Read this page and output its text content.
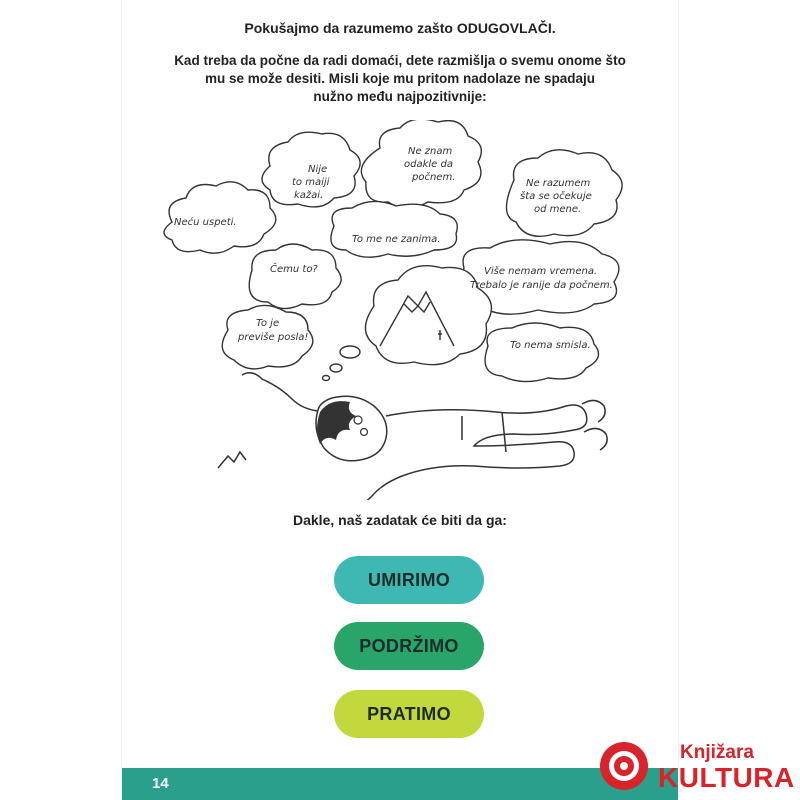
Pokušajmo da razumemo zašto ODUGOVLAČI.
Kad treba da počne da radi domaći, dete razmišlja o svemu onome što
mu se može desiti. Misli koje mu pritom nadolaze ne spadaju
nužno među najpozitivnije:
Neću uspeti.
Nije
to maiji
kažai.
Ne znam
odakle da
počnem.
Ne razumem
šta se očekuje
od mene.
To me ne zanima.
Čemu to?	Više nemam vremena.
Trebalo je ranije da počnem.
To je
previše posla!
To nema smisla.
Dakle, naš zadatak će biti da ga:
UMIRIMO
PODRŽIMO
PRATIMO
14
Knjižara
KULTURA
